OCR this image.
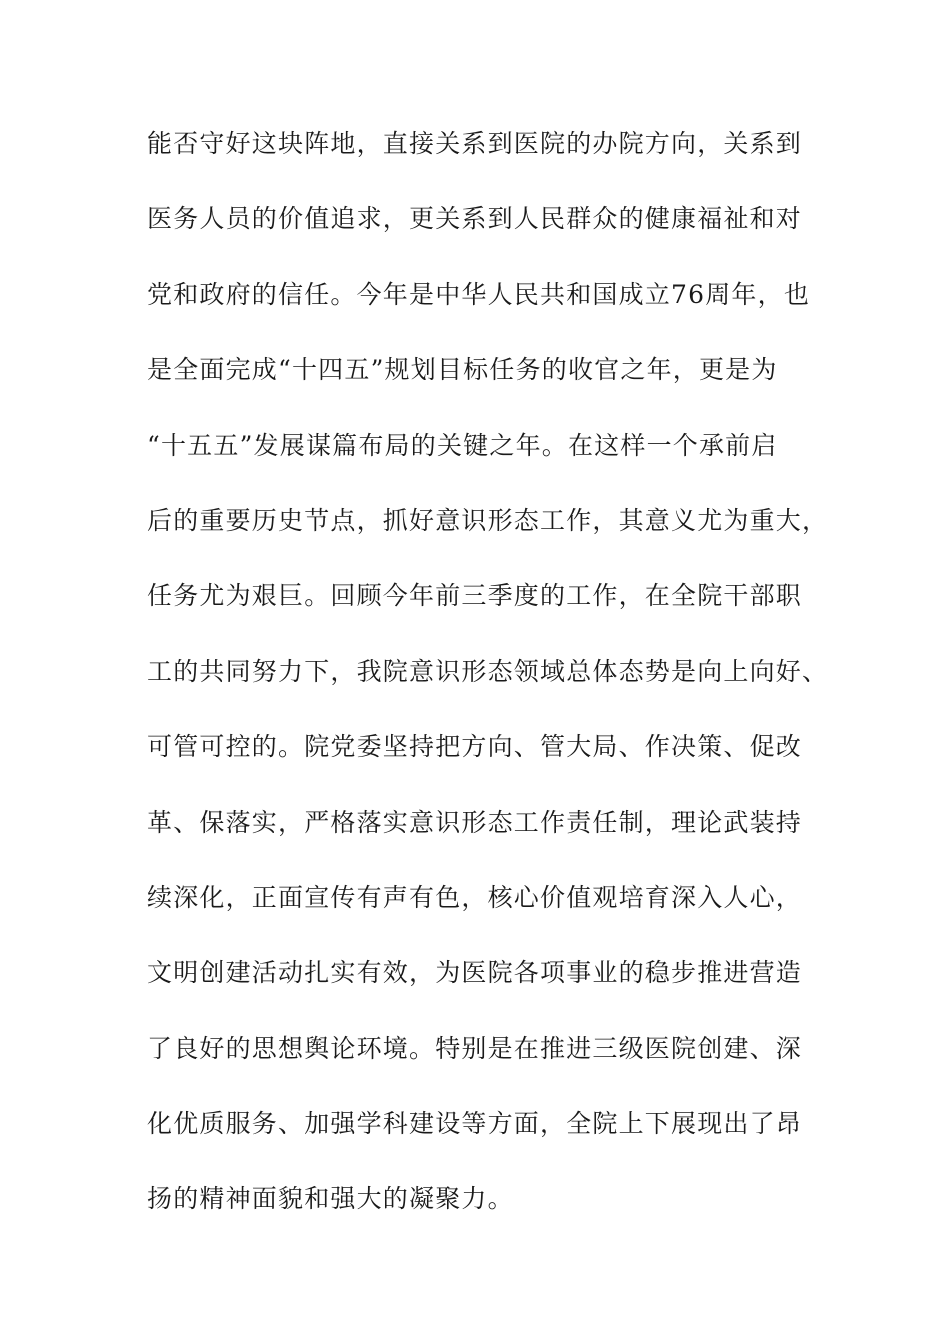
能否守好这块阵地，直接关系到医院的办院方向，关系到
医务人员的价值追求，更关系到人民群众的健康福祉和对
党和政府的信任。今年是中华人民共和国成立76周年，也
是全面完成“十四五”规划目标任务的收官之年，更是为
“十五五”发展谋篇布局的关键之年。在这样一个承前启
后的重要历史节点，抓好意识形态工作，其意义尤为重大，
任务尤为艰巨。回顾今年前三季度的工作，在全院干部职
工的共同努力下，我院意识形态领域总体态势是向上向好、
可管可控的。院党委坚持把方向、管大局、作决策、促改
革、保落实，严格落实意识形态工作责任制，理论武装持
续深化，正面宣传有声有色，核心价值观培育深入人心，
文明创建活动扎实有效，为医院各项事业的稳步推进营造
了良好的思想舆论环境。特别是在推进三级医院创建、深
化优质服务、加强学科建设等方面，全院上下展现出了昂
扬的精神面貌和强大的凝聚力。
